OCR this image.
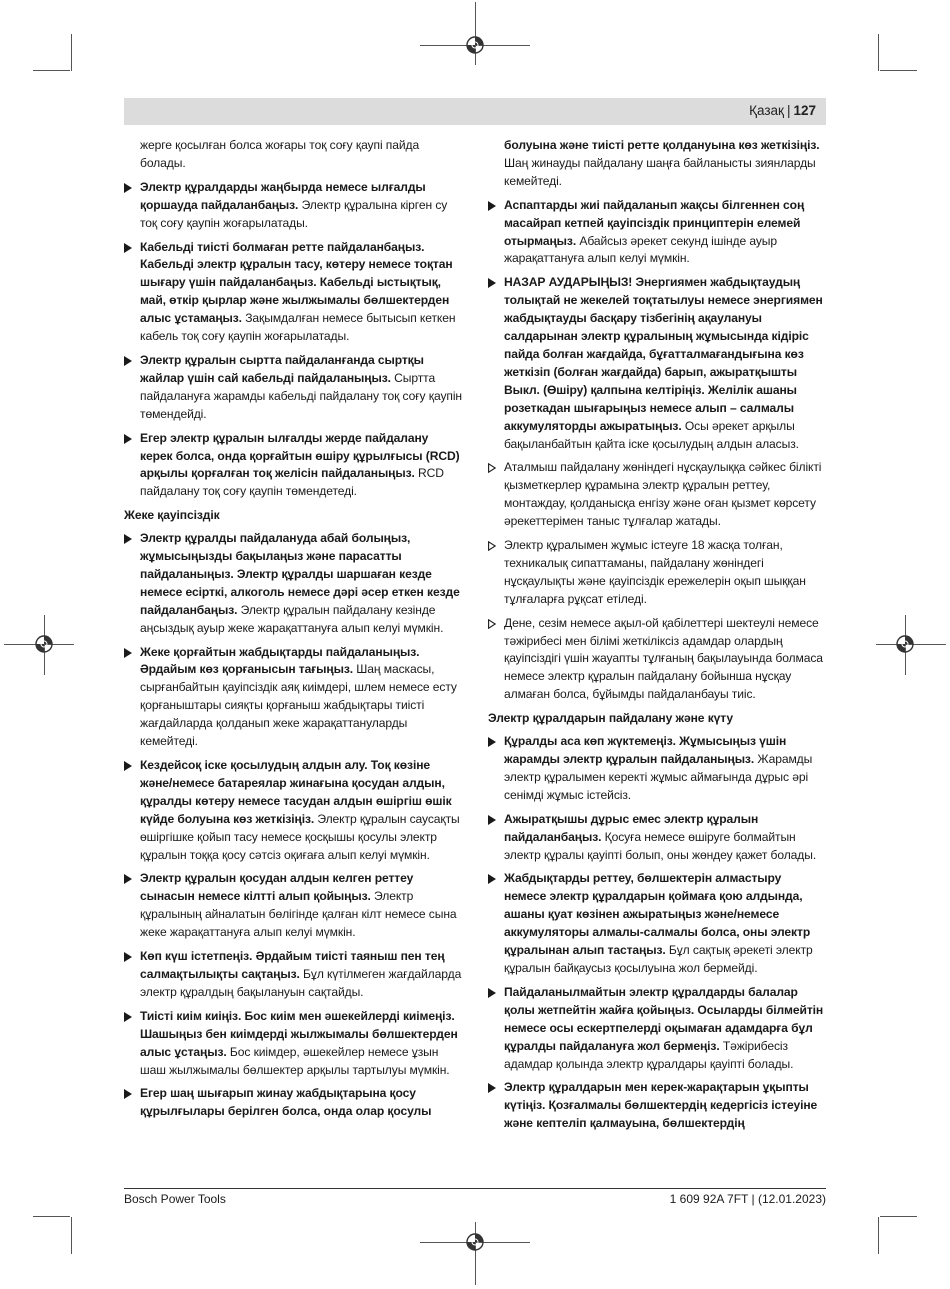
Қазақ | 127
жерге қосылған болса жоғары тоқ соғу қаупі пайда болады.
Электр құралдарды жаңбырда немесе ылғалды қоршауда пайдаланбаңыз. Электр құралына кірген су тоқ соғу қаупін жоғарылатады.
Кабельді тиісті болмаған ретте пайдаланбаңыз. Кабельді электр құралын тасу, көтеру немесе тоқтан шығару үшін пайдаланбаңыз. Кабельді ыстықтық, май, өткір қырлар және жылжымалы бөлшектерден алыс ұстамаңыз. Зақымдалған немесе бытысып кеткен кабель тоқ соғу қаупін жоғарылатады.
Электр құралын сыртта пайдаланғанда сыртқы жайлар үшін сай кабельді пайдаланыңыз. Сыртта пайдалануға жарамды кабельді пайдалану тоқ соғу қаупін төмендейді.
Егер электр құралын ылғалды жерде пайдалану керек болса, онда қорғайтын өшіру құрылғысы (RCD) арқылы қорғалған тоқ желісін пайдаланыңыз. RCD пайдалану тоқ соғу қаупін төмендетеді.
Жеке қауіпсіздік
Электр құралды пайдалануда абай болыңыз, жұмысыңызды бақылаңыз және парасатты пайдаланыңыз. Электр құралды шаршаған кезде немесе есірткі, алкоголь немесе дәрі әсер еткен кезде пайдаланбаңыз. Электр құралын пайдалану кезінде аңсыздық ауыр жеке жарақаттануға алып келуі мүмкін.
Жеке қорғайтын жабдықтарды пайдаланыңыз. Әрдайым көз қорғанысын тағыңыз. Шаң маскасы, сырғанбайтын қауіпсіздік аяқ киімдері, шлем немесе есту қорғаныштары сияқты қорғаныш жабдықтары тиісті жағдайларда қолданып жеке жарақаттануларды кемейтеді.
Кездейсоқ іске қосылудың алдын алу. Тоқ көзіне және/немесе батареялар жинағына қосудан алдын, құралды көтеру немесе тасудан алдын өшіргіш өшік күйде болуына көз жеткізіңіз. Электр құралын саусақты өшіргішке қойып тасу немесе қосқышы қосулы электр құралын тоққа қосу сәтсіз оқиғаға алып келуі мүмкін.
Электр құралын қосудан алдын келген реттеу сынасын немесе кілтті алып қойыңыз. Электр құралының айналатын бөлігінде қалған кілт немесе сына жеке жарақаттануға алып келуі мүмкін.
Көп күш істетпеңіз. Әрдайым тиісті таяныш пен тең салмақтылықты сақтаңыз. Бұл күтілмеген жағдайларда электр құралдың бақылануын сақтайды.
Тиісті киім киіңіз. Бос киім мен әшекейлерді киімеңіз. Шашыңыз бен киімдерді жылжымалы бөлшектерден алыс ұстаңыз. Бос киімдер, әшекейлер немесе ұзын шаш жылжымалы бөлшектер арқылы тартылуы мүмкін.
Егер шаң шығарып жинау жабдықтарына қосу құрылғылары берілген болса, онда олар қосулы
болуына және тиісті ретте қолдануына көз жеткізіңіз. Шаң жинауды пайдалану шаңға байланысты зиянларды кемейтеді.
Аспаптарды жиі пайдаланып жақсы білгеннен соң масайрап кетпей қауіпсіздік принциптерін елемей отырмаңыз. Абайсыз әрекет секунд ішінде ауыр жарақаттануға алып келуі мүмкін.
НАЗАР АУДАРЫҢЫЗ! Энергиямен жабдықтаудың толықтай не жекелей тоқтатылуы немесе энергиямен жабдықтауды басқару тізбегінің ақаулануы салдарынан электр құралының жұмысында кідіріс пайда болған жағдайда, бұғатталмағандығына көз жеткізіп (болған жағдайда) барып, ажыратқышты Выкл. (Өшіру) қалпына келтіріңіз. Желілік ашаны розеткадан шығарыңыз немесе алып – салмалы аккумуляторды ажыратыңыз. Осы әрекет арқылы бақыланбайтын қайта іске қосылудың алдын аласыз.
Аталмыш пайдалану жөніндегі нұсқаулыққа сәйкес білікті қызметкерлер құрамына электр құралын реттеу, монтаждау, қолданысқа енгізу және оған қызмет көрсету әрекеттерімен таныс тұлғалар жатады.
Электр құралымен жұмыс істеуге 18 жасқа толған, техникалық сипаттаманы, пайдалану жөніндегі нұсқаулықты және қауіпсіздік ережелерін оқып шыққан тұлғаларға рұқсат етіледі.
Дене, сезім немесе ақыл-ой қабілеттері шектеулі немесе тәжірибесі мен білімі жеткіліксіз адамдар олардың қауіпсіздігі үшін жауапты тұлғаның бақылауында болмаса немесе электр құралын пайдалану бойынша нұсқау алмаған болса, бұйымды пайдаланбауы тиіс.
Электр құралдарын пайдалану және күту
Құралды аса көп жүктемеңіз. Жұмысыңыз үшін жарамды электр құралын пайдаланыңыз. Жарамды электр құралымен керекті жұмыс аймағында дұрыс әрі сенімді жұмыс істейсіз.
Ажыратқышы дұрыс емес электр құралын пайдаланбаңыз. Қосуға немесе өшіруге болмайтын электр құралы қауіпті болып, оны жөндеу қажет болады.
Жабдықтарды реттеу, бөлшектерін алмастыру немесе электр құралдарын қоймаға қою алдында, ашаны қуат көзінен ажыратыңыз және/немесе аккумуляторы алмалы-салмалы болса, оны электр құралынан алып тастаңыз. Бұл сақтық әрекеті электр құралын байқаусыз қосылуына жол бермейді.
Пайдаланылмайтын электр құралдарды балалар қолы жетпейтін жайға қойыңыз. Осыларды білмейтін немесе осы ескертпелерді оқымаған адамдарға бұл құралды пайдалануға жол бермеңіз. Тәжірибесіз адамдар қолында электр құралдары қауіпті болады.
Электр құралдарын мен керек-жарақтарын ұқыпты күтіңіз. Қозғалмалы бөлшектердің кедергісіз істеуіне және кептеліп қалмауына, бөлшектердің
Bosch Power Tools	1 609 92A 7FT | (12.01.2023)
